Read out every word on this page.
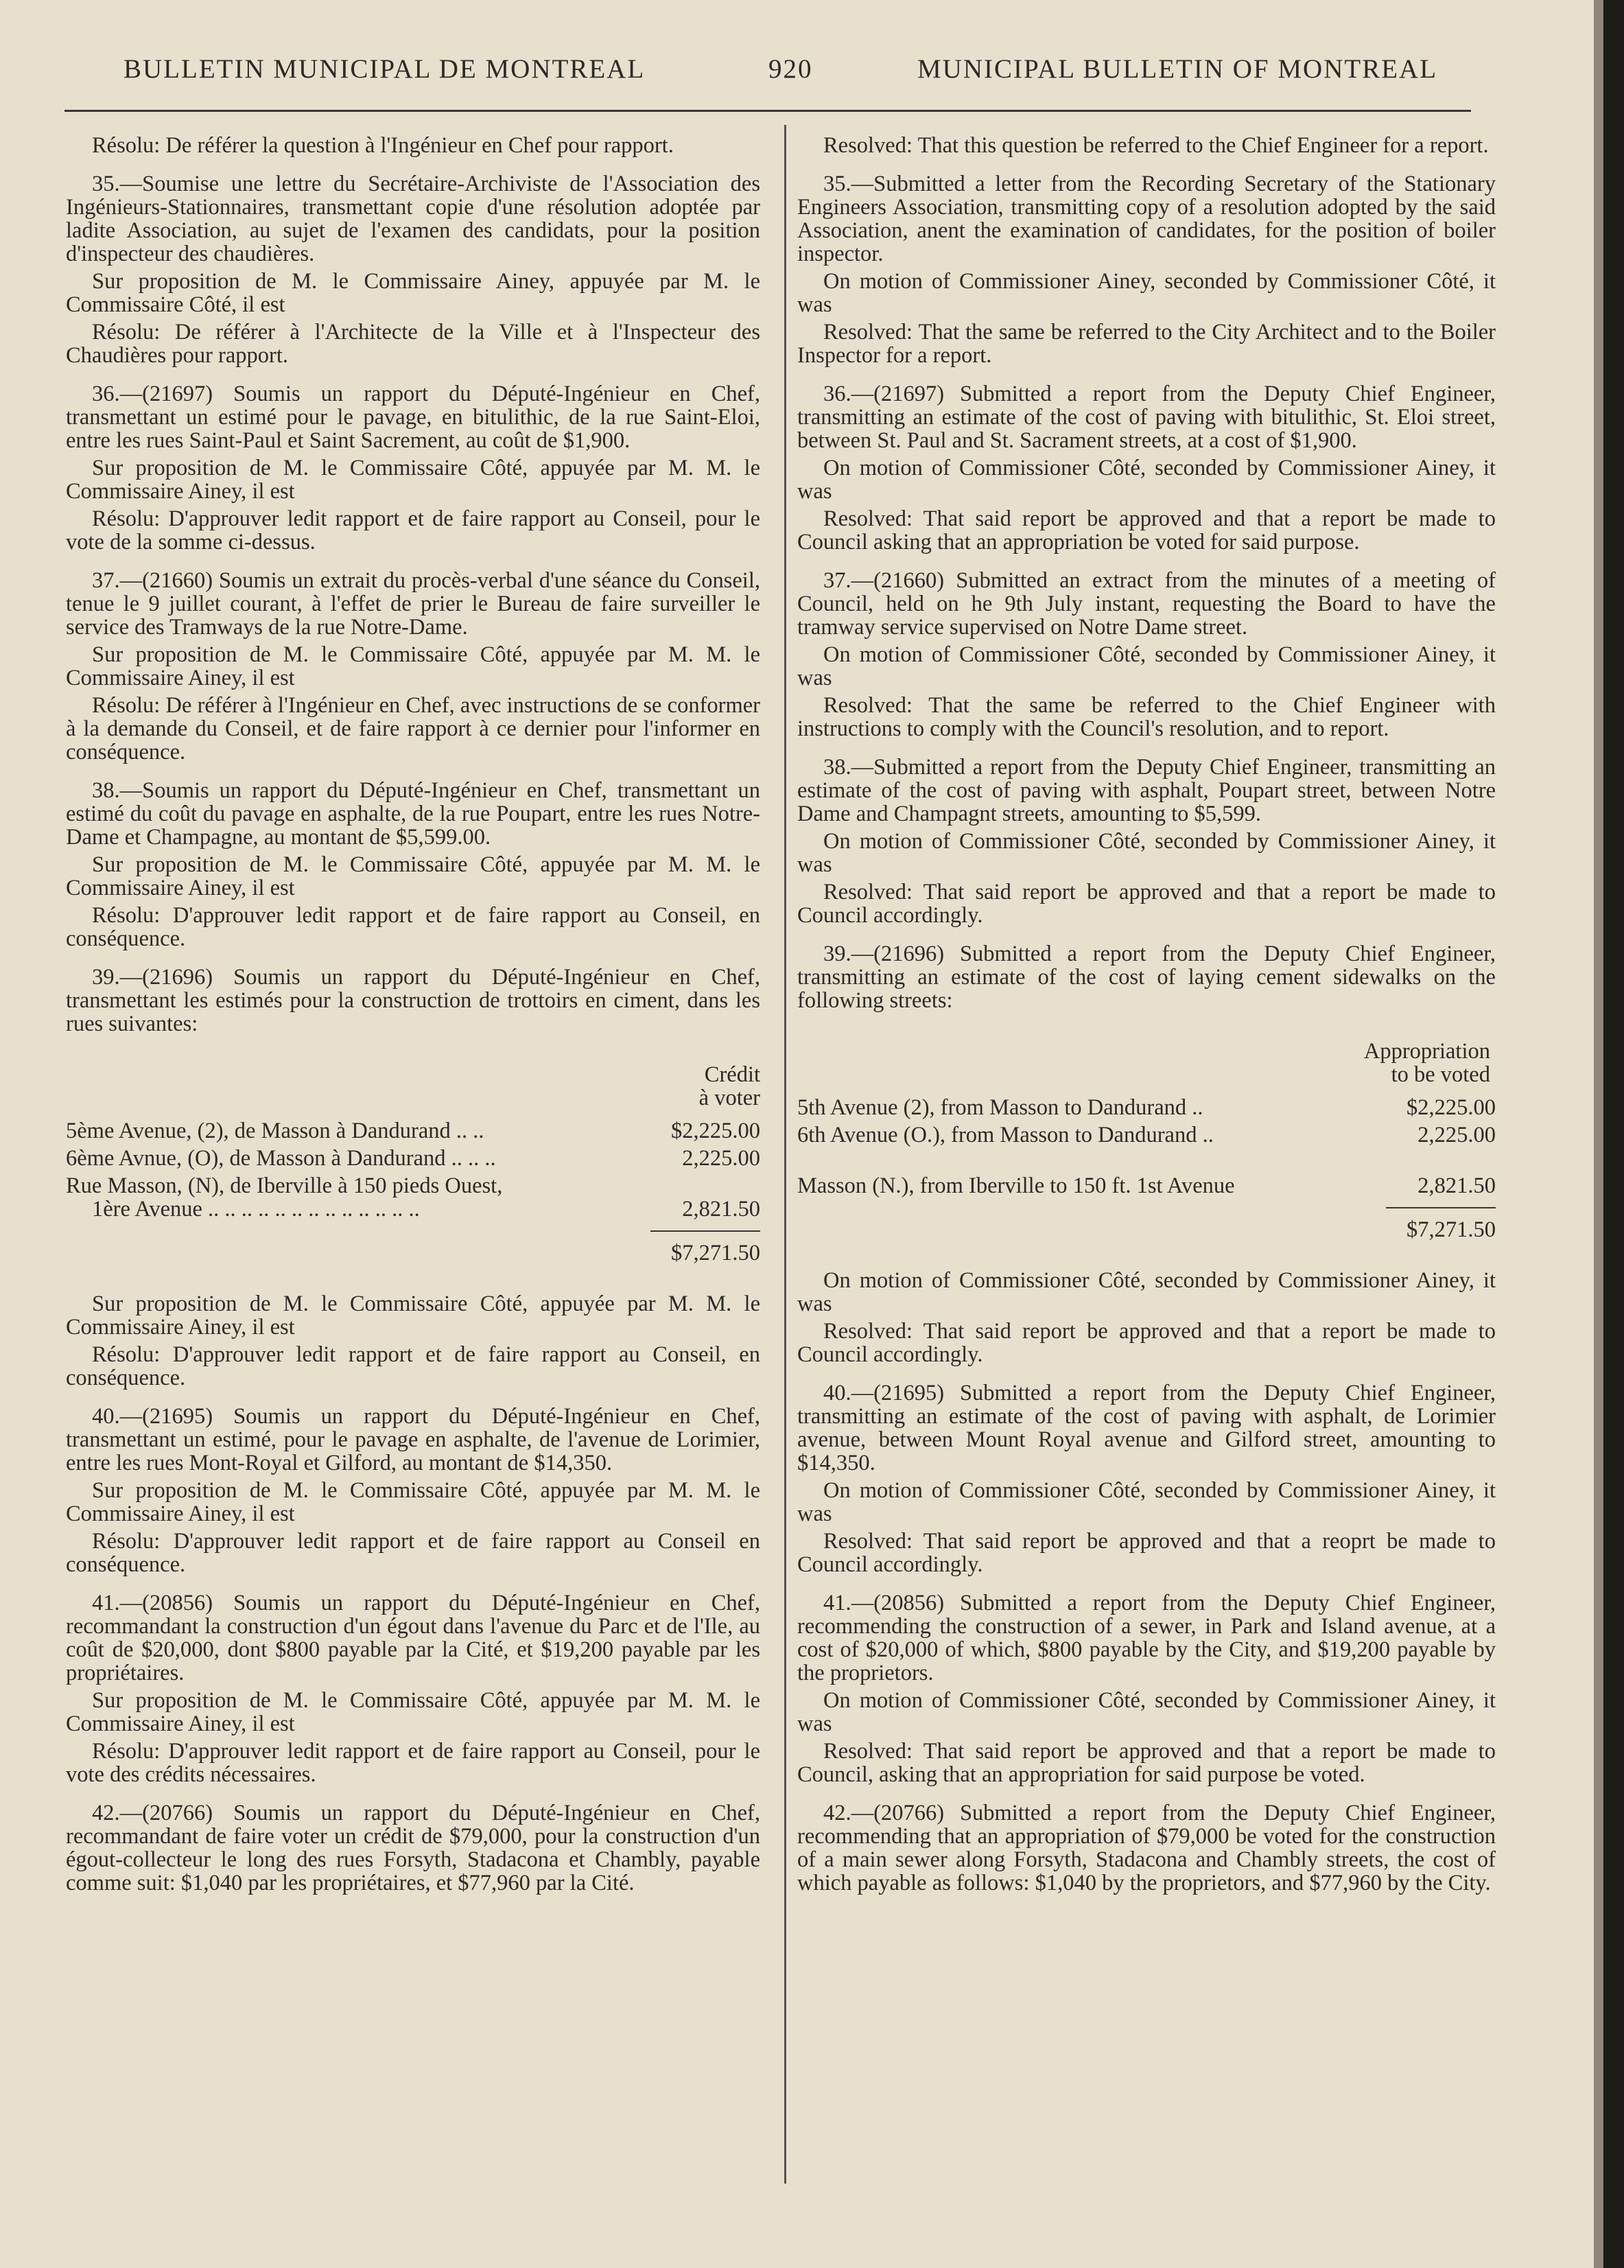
BULLETIN MUNICIPAL DE MONTREAL	920	MUNICIPAL BULLETIN OF MONTREAL

Résolu: De référer la question à l'Ingénieur en Chef pour rapport.

35.—Soumise une lettre du Secrétaire-Archiviste de l'Association des Ingénieurs-Stationnaires, transmettant copie d'une résolution adoptée par ladite Association, au sujet de l'examen des candidats, pour la position d'inspecteur des chaudières.

Sur proposition de M. le Commissaire Ainey, appuyée par M. le Commissaire Côté, il est

Résolu: De référer à l'Architecte de la Ville et à l'Inspecteur des Chaudières pour rapport.

36.—(21697) Soumis un rapport du Député-Ingénieur en Chef, transmettant un estimé pour le pavage, en bitulithic, de la rue Saint-Eloi, entre les rues Saint-Paul et Saint Sacrement, au coût de $1,900.

Sur proposition de M. le Commissaire Côté, appuyée par M. M. le Commissaire Ainey, il est

Résolu: D'approuver ledit rapport et de faire rapport au Conseil, pour le vote de la somme ci-dessus.

37.—(21660) Soumis un extrait du procès-verbal d'une séance du Conseil, tenue le 9 juillet courant, à l'effet de prier le Bureau de faire surveiller le service des Tramways de la rue Notre-Dame.

Sur proposition de M. le Commissaire Côté, appuyée par M. M. le Commissaire Ainey, il est

Résolu: De référer à l'Ingénieur en Chef, avec instructions de se conformer à la demande du Conseil, et de faire rapport à ce dernier pour l'informer en conséquence.

38.—Soumis un rapport du Député-Ingénieur en Chef, transmettant un estimé du coût du pavage en asphalte, de la rue Poupart, entre les rues Notre-Dame et Champagne, au montant de $5,599.00.

Sur proposition de M. le Commissaire Côté, appuyée par M. M. le Commissaire Ainey, il est

Résolu: D'approuver ledit rapport et de faire rapport au Conseil, en conséquence.

39.—(21696) Soumis un rapport du Député-Ingénieur en Chef, transmettant les estimés pour la construction de trottoirs en ciment, dans les rues suivantes:

Crédit
à voter
5ème Avenue, (2), de Masson à Dandurand .. ..	$2,225.00
6ème Avnue, (O), de Masson à Dandurand .. .. ..	2,225.00
Rue Masson, (N), de Iberville à 150 pieds Ouest,
1ère Avenue .. .. .. .. .. .. .. .. .. .. .. .. ..	2,821.50
$7,271.50

Sur proposition de M. le Commissaire Côté, appuyée par M. M. le Commissaire Ainey, il est

Résolu: D'approuver ledit rapport et de faire rapport au Conseil, en conséquence.

40.—(21695) Soumis un rapport du Député-Ingénieur en Chef, transmettant un estimé, pour le pavage en asphalte, de l'avenue de Lorimier, entre les rues Mont-Royal et Gilford, au montant de $14,350.

Sur proposition de M. le Commissaire Côté, appuyée par M. M. le Commissaire Ainey, il est

Résolu: D'approuver ledit rapport et de faire rapport au Conseil en conséquence.

41.—(20856) Soumis un rapport du Député-Ingénieur en Chef, recommandant la construction d'un égout dans l'avenue du Parc et de l'Ile, au coût de $20,000, dont $800 payable par la Cité, et $19,200 payable par les propriétaires.

Sur proposition de M. le Commissaire Côté, appuyée par M. M. le Commissaire Ainey, il est

Résolu: D'approuver ledit rapport et de faire rapport au Conseil, pour le vote des crédits nécessaires.

42.—(20766) Soumis un rapport du Député-Ingénieur en Chef, recommandant de faire voter un crédit de $79,000, pour la construction d'un égout-collecteur le long des rues Forsyth, Stadacona et Chambly, payable comme suit: $1,040 par les propriétaires, et $77,960 par la Cité.

Resolved: That this question be referred to the Chief Engineer for a report.

35.—Submitted a letter from the Recording Secretary of the Stationary Engineers Association, transmitting copy of a resolution adopted by the said Association, anent the examination of candidates, for the position of boiler inspector.

On motion of Commissioner Ainey, seconded by Commissioner Côté, it was

Resolved: That the same be referred to the City Architect and to the Boiler Inspector for a report.

36.—(21697) Submitted a report from the Deputy Chief Engineer, transmitting an estimate of the cost of paving with bitulithic, St. Eloi street, between St. Paul and St. Sacrament streets, at a cost of $1,900.

On motion of Commissioner Côté, seconded by Commissioner Ainey, it was

Resolved: That said report be approved and that a report be made to Council asking that an appropriation be voted for said purpose.

37.—(21660) Submitted an extract from the minutes of a meeting of Council, held on he 9th July instant, requesting the Board to have the tramway service supervised on Notre Dame street.

On motion of Commissioner Côté, seconded by Commissioner Ainey, it was

Resolved: That the same be referred to the Chief Engineer with instructions to comply with the Council's resolution, and to report.

38.—Submitted a report from the Deputy Chief Engineer, transmitting an estimate of the cost of paving with asphalt, Poupart street, between Notre Dame and Champagnt streets, amounting to $5,599.

On motion of Commissioner Côté, seconded by Commissioner Ainey, it was

Resolved: That said report be approved and that a report be made to Council accordingly.

39.—(21696) Submitted a report from the Deputy Chief Engineer, transmitting an estimate of the cost of laying cement sidewalks on the following streets:

Appropriation
to be voted
5th Avenue (2), from Masson to Dandurand ..	$2,225.00
6th Avenue (O.), from Masson to Dandurand ..	2,225.00
Masson (N.), from Iberville to 150 ft. 1st Avenue	2,821.50
$7,271.50

On motion of Commissioner Côté, seconded by Commissioner Ainey, it was

Resolved: That said report be approved and that a report be made to Council accordingly.

40.—(21695) Submitted a report from the Deputy Chief Engineer, transmitting an estimate of the cost of paving with asphalt, de Lorimier avenue, between Mount Royal avenue and Gilford street, amounting to $14,350.

On motion of Commissioner Côté, seconded by Commissioner Ainey, it was

Resolved: That said report be approved and that a reoprt be made to Council accordingly.

41.—(20856) Submitted a report from the Deputy Chief Engineer, recommending the construction of a sewer, in Park and Island avenue, at a cost of $20,000 of which, $800 payable by the City, and $19,200 payable by the proprietors.

On motion of Commissioner Côté, seconded by Commissioner Ainey, it was

Resolved: That said report be approved and that a report be made to Council, asking that an appropriation for said purpose be voted.

42.—(20766) Submitted a report from the Deputy Chief Engineer, recommending that an appropriation of $79,000 be voted for the construction of a main sewer along Forsyth, Stadacona and Chambly streets, the cost of which payable as follows: $1,040 by the proprietors, and $77,960 by the City.
